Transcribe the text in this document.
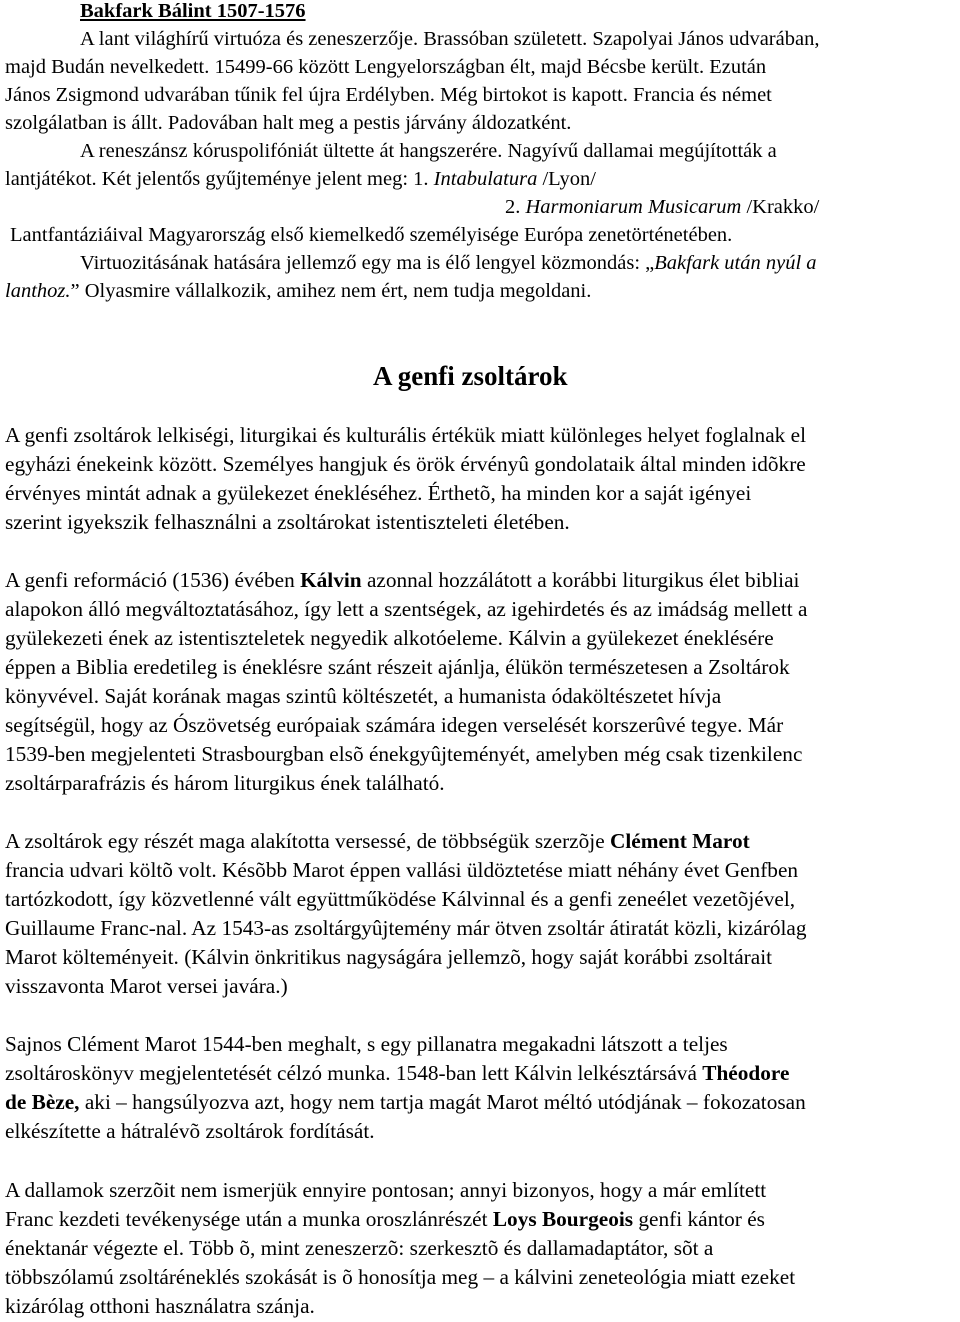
Bakfark Bálint 1507-1576
A lant világhírű virtuóza és zeneszerzője. Brassóban született. Szapolyai János udvarában,
majd Budán nevelkedett. 15499-66 között Lengyelországban élt, majd Bécsbe került. Ezután
János Zsigmond udvarában tűnik fel újra Erdélyben. Még birtokot is kapott. Francia és német
szolgálatban is állt. Padovában halt meg a pestis járvány áldozatként.
A reneszánsz kóruspolifóniát ültette át hangszerére. Nagyívű dallamai megújították a
lantjátékot. Két jelentős gyűjteménye jelent meg: 1. Intabulatura /Lyon/
2. Harmoniarum Musicarum /Krakko/
Lantfantáziáival Magyarország első kiemelkedő személyisége Európa zenetörténetében.
Virtuozitásának hatására jellemző egy ma is élő lengyel közmondás: „Bakfark után nyúl a
lanthoz.” Olyasmire vállalkozik, amihez nem ért, nem tudja megoldani.
A genfi zsoltárok
A genfi zsoltárok lelkiségi, liturgikai és kulturális értékük miatt különleges helyet foglalnak el
egyházi énekeink között. Személyes hangjuk és örök érvényû gondolataik által minden idõkre
érvényes mintát adnak a gyülekezet énekléséhez. Érthetõ, ha minden kor a saját igényei
szerint igyekszik felhasználni a zsoltárokat istentiszteleti életében.
A genfi reformáció (1536) évében Kálvin azonnal hozzálátott a korábbi liturgikus élet bibliai
alapokon álló megváltoztatásához, így lett a szentségek, az igehirdetés és az imádság mellett a
gyülekezeti ének az istentiszteletek negyedik alkotóeleme. Kálvin a gyülekezet éneklésére
éppen a Biblia eredetileg is éneklésre szánt részeit ajánlja, élükön természetesen a Zsoltárok
könyvével. Saját korának magas szintû költészetét, a humanista ódaköltészetet hívja
segítségül, hogy az Ószövetség európaiak számára idegen verselését korszerûvé tegye. Már
1539-ben megjelenteti Strasbourgban elsõ énekgyûjteményét, amelyben még csak tizenkilenc
zsoltárparafrázis és három liturgikus ének található.
A zsoltárok egy részét maga alakította versessé, de többségük szerzõje Clément Marot
francia udvari költõ volt. Késõbb Marot éppen vallási üldöztetése miatt néhány évet Genfben
tartózkodott, így közvetlenné vált együttműködése Kálvinnal és a genfi zeneélet vezetõjével,
Guillaume Franc-nal. Az 1543-as zsoltárgyûjtemény már ötven zsoltár átiratát közli, kizárólag
Marot költeményeit. (Kálvin önkritikus nagyságára jellemzõ, hogy saját korábbi zsoltárait
visszavonta Marot versei javára.)
Sajnos Clément Marot 1544-ben meghalt, s egy pillanatra megakadni látszott a teljes
zsoltároskönyv megjelentetését célzó munka. 1548-ban lett Kálvin lelkésztársává Théodore
de Bèze, aki – hangsúlyozva azt, hogy nem tartja magát Marot méltó utódjának – fokozatosan
elkészítette a hátralévõ zsoltárok fordítását.
A dallamok szerzõit nem ismerjük ennyire pontosan; annyi bizonyos, hogy a már említett
Franc kezdeti tevékenysége után a munka oroszlánrészét Loys Bourgeois genfi kántor és
énektanár végezte el. Több õ, mint zeneszerzõ: szerkesztõ és dallamadaptátor, sõt a
többszólamú zsoltáréneklés szokását is õ honosítja meg – a kálvini zeneteológia miatt ezeket
kizárólag otthoni használatra szánja.
